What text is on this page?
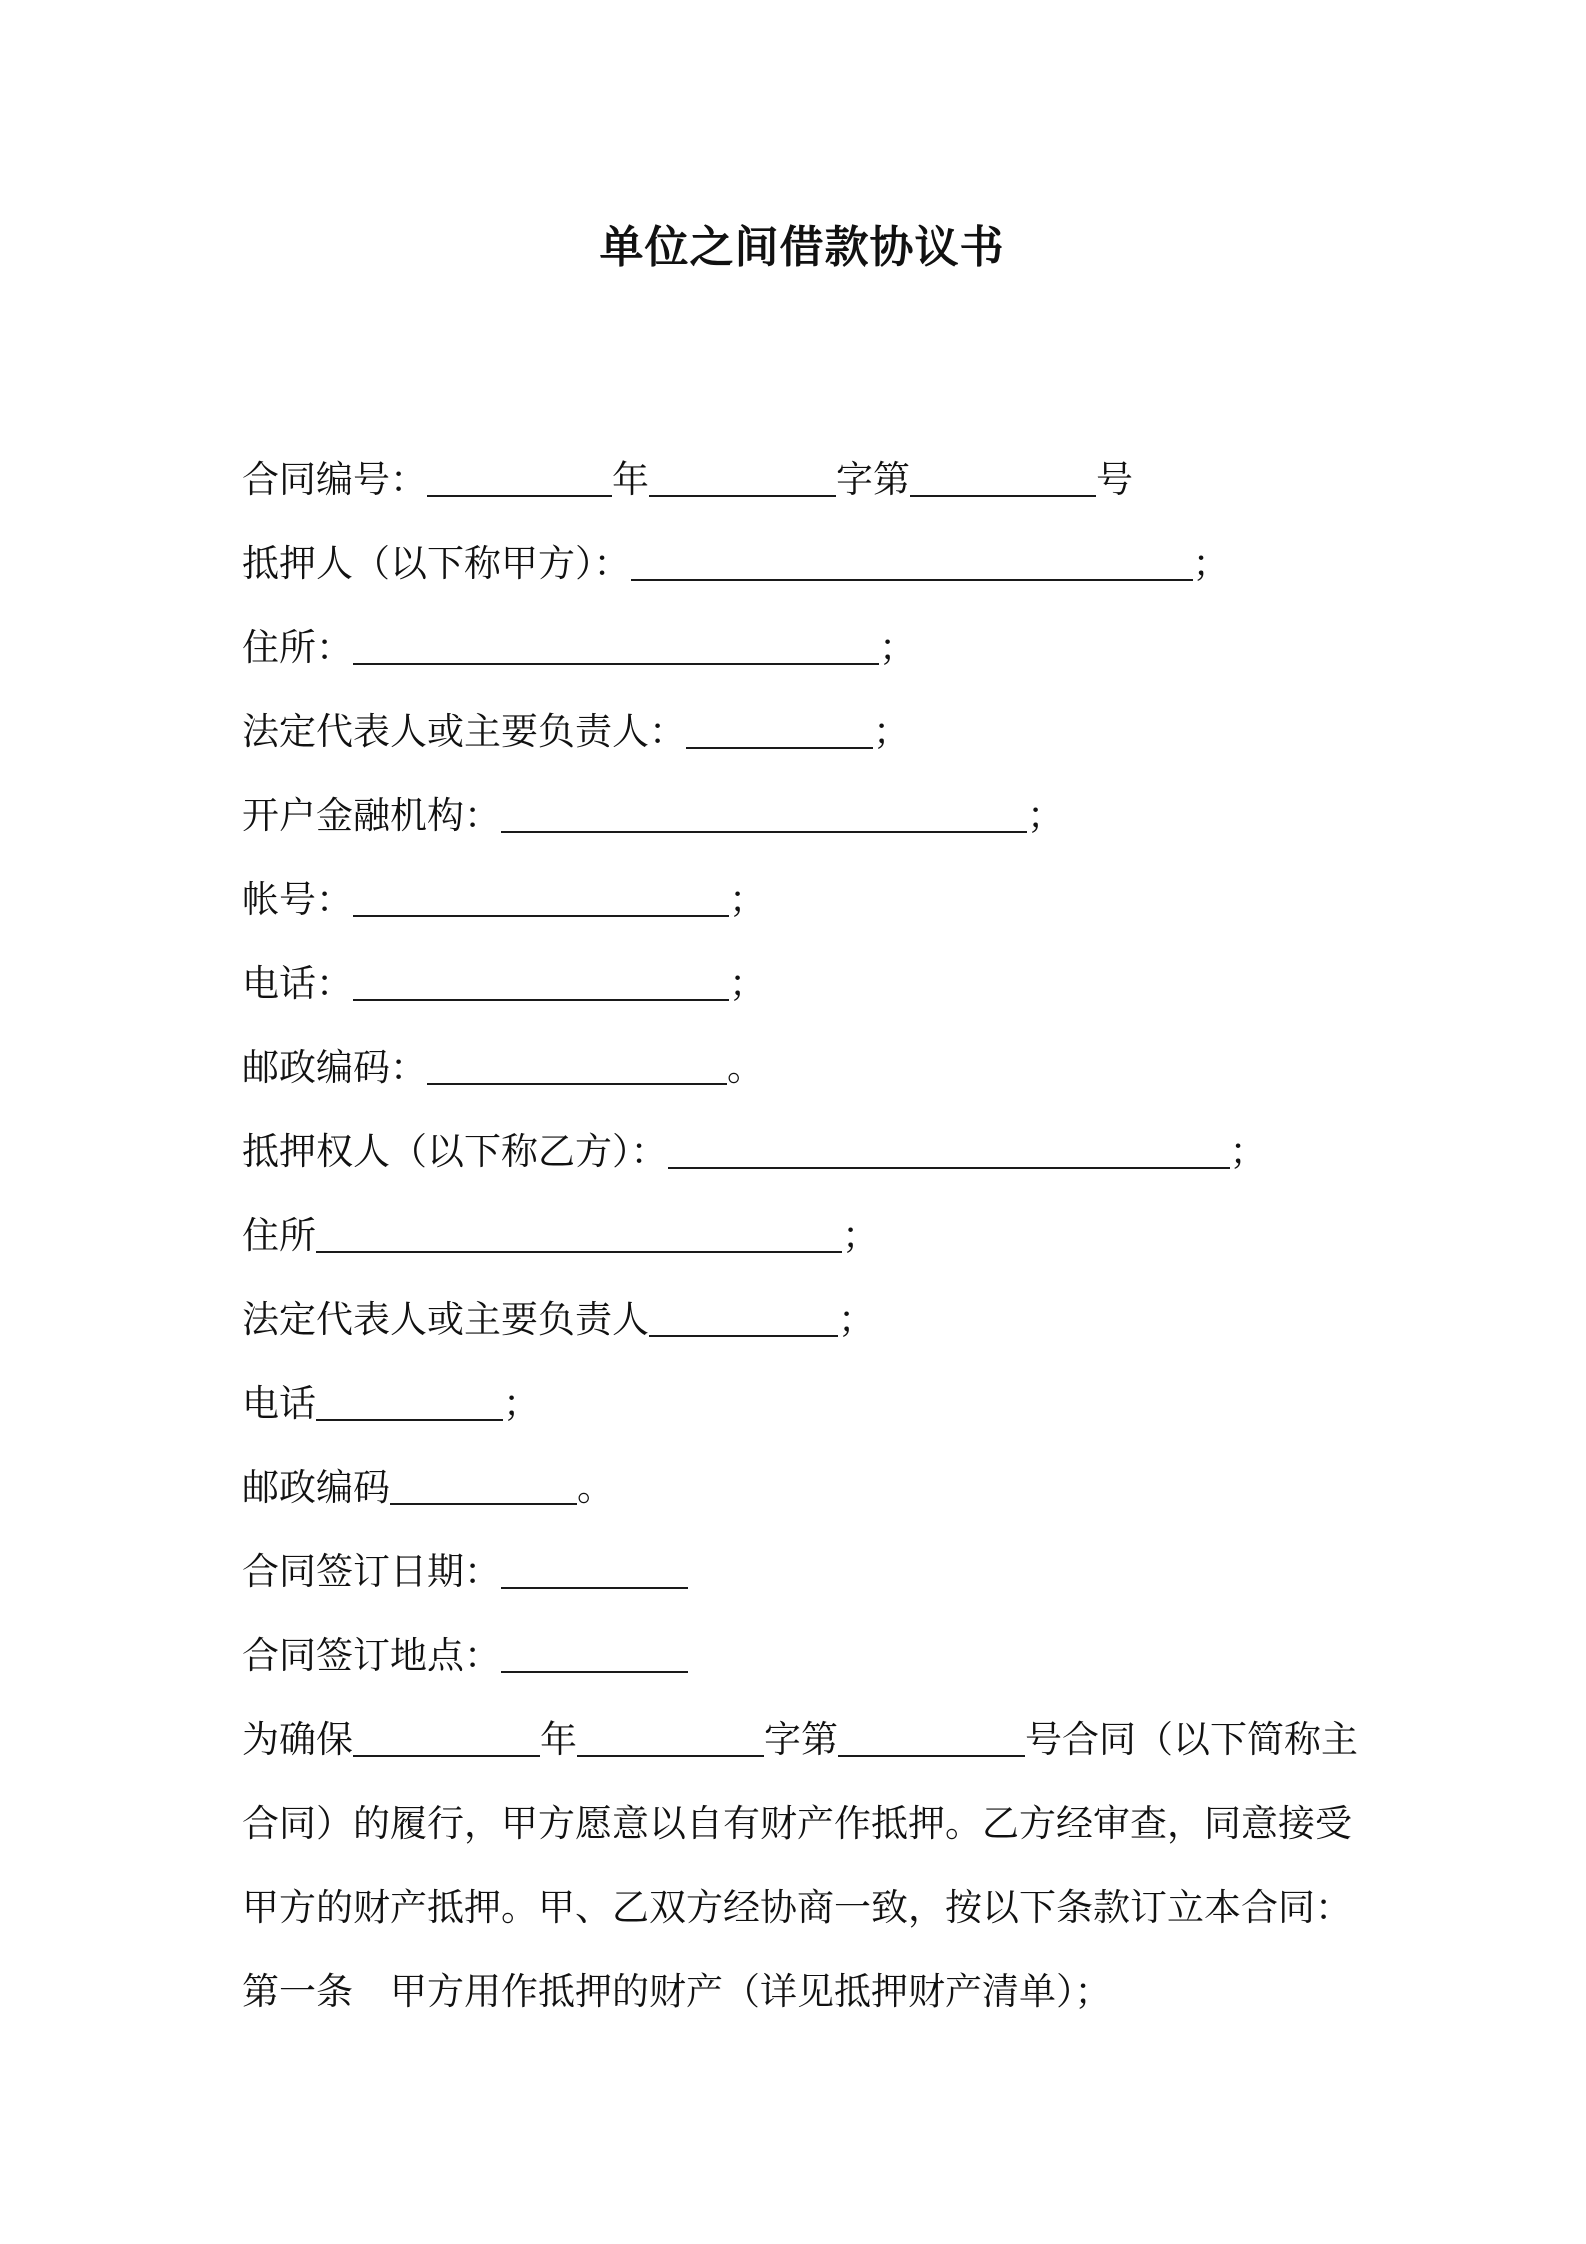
单位之间借款协议书
合同编号：	年	字第	号
抵押人（以下称甲方）：	；
住所：	；
法定代表人或主要负责人：	；
开户金融机构：	；
帐号：	；
电话：	；
邮政编码：	。
抵押权人（以下称乙方）：	；
住所	；
法定代表人或主要负责人	；
电话	；
邮政编码	。
合同签订日期：
合同签订地点：
为确保	年	字第	号合同（以下简称主
合同）的履行，甲方愿意以自有财产作抵押。乙方经审查，同意接受
甲方的财产抵押。甲、乙双方经协商一致，按以下条款订立本合同：
第一条　甲方用作抵押的财产（详见抵押财产清单）；
